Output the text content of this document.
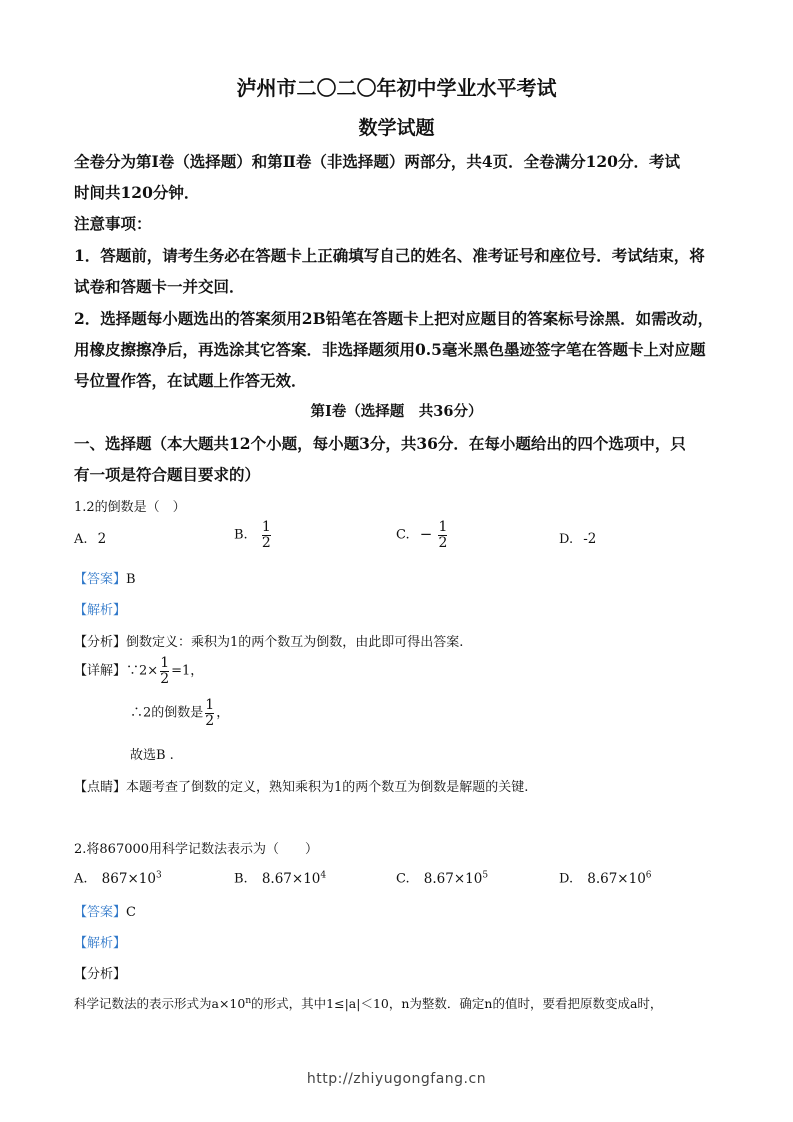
泸州市二〇二〇年初中学业水平考试
数学试题
全卷分为第Ⅰ卷（选择题）和第Ⅱ卷（非选择题）两部分，共4页．全卷满分120分．考试
时间共120分钟．
注意事项：
1．答题前，请考生务必在答题卡上正确填写自己的姓名、准考证号和座位号．考试结束，将
试卷和答题卡一并交回．
2．选择题每小题选出的答案须用2B铅笔在答题卡上把对应题目的答案标号涂黑．如需改动，
用橡皮擦擦净后，再选涂其它答案．非选择题须用0.5毫米黑色墨迹签字笔在答题卡上对应题
号位置作答，在试题上作答无效．
第Ⅰ卷（选择题　共36分）
一、选择题（本大题共12个小题，每小题3分，共36分．在每小题给出的四个选项中，只
有一项是符合题目要求的）
1.2的倒数是（　）
A. 2	B. $\frac{1}{2}$	C. − $\frac{1}{2}$	D. -2
【答案】B
【解析】
【分析】倒数定义：乘积为1的两个数互为倒数，由此即可得出答案.
【详解】∵2× $\frac{1}{2} =1$，
∴2的倒数是 $\frac{1}{2}$ ，
故选B .
【点睛】本题考查了倒数的定义，熟知乘积为1的两个数互为倒数是解题的关键.
2.将867000用科学记数法表示为（　　）
A. $867\times 10^3$	B. $8.67\times 10^4$	C. $8.67\times 10^5$	D. $8.67\times 10^6$
【答案】C
【解析】
【分析】
科学记数法的表示形式为$a\times 10^n$的形式，其中1≤|a|＜10，n为整数．确定n的值时，要看把原数变成a时，
http://zhiyugongfang.cn
